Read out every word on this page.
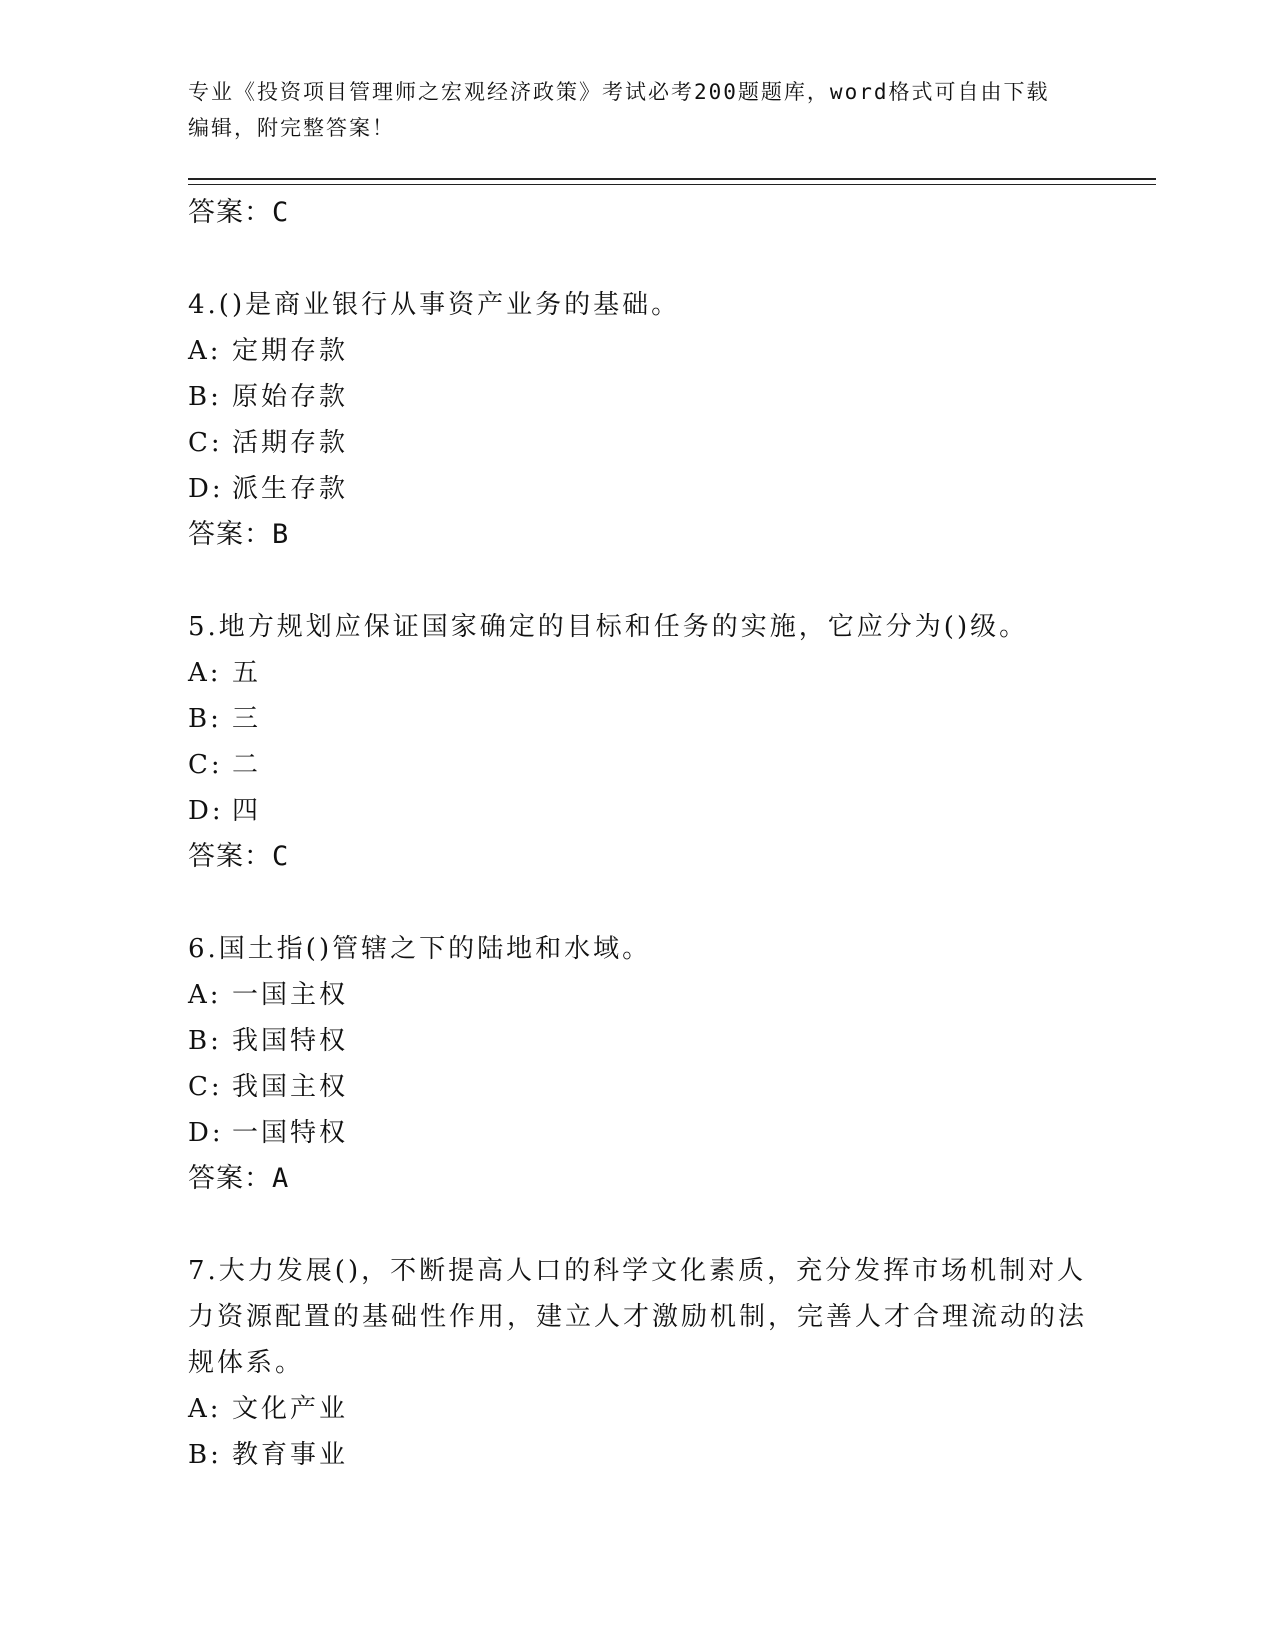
专业《投资项目管理师之宏观经济政策》考试必考200题题库，word格式可自由下载编辑，附完整答案！

答案：C

4.()是商业银行从事资产业务的基础。

A: 定期存款

B: 原始存款

C: 活期存款

D: 派生存款

答案：B

5.地方规划应保证国家确定的目标和任务的实施，它应分为()级。

A: 五

B: 三

C: 二

D: 四

答案：C

6.国土指()管辖之下的陆地和水域。

A: 一国主权

B: 我国特权

C: 我国主权

D: 一国特权

答案：A

7.大力发展()，不断提高人口的科学文化素质，充分发挥市场机制对人力资源配置的基础性作用，建立人才激励机制，完善人才合理流动的法规体系。

A: 文化产业

B: 教育事业
